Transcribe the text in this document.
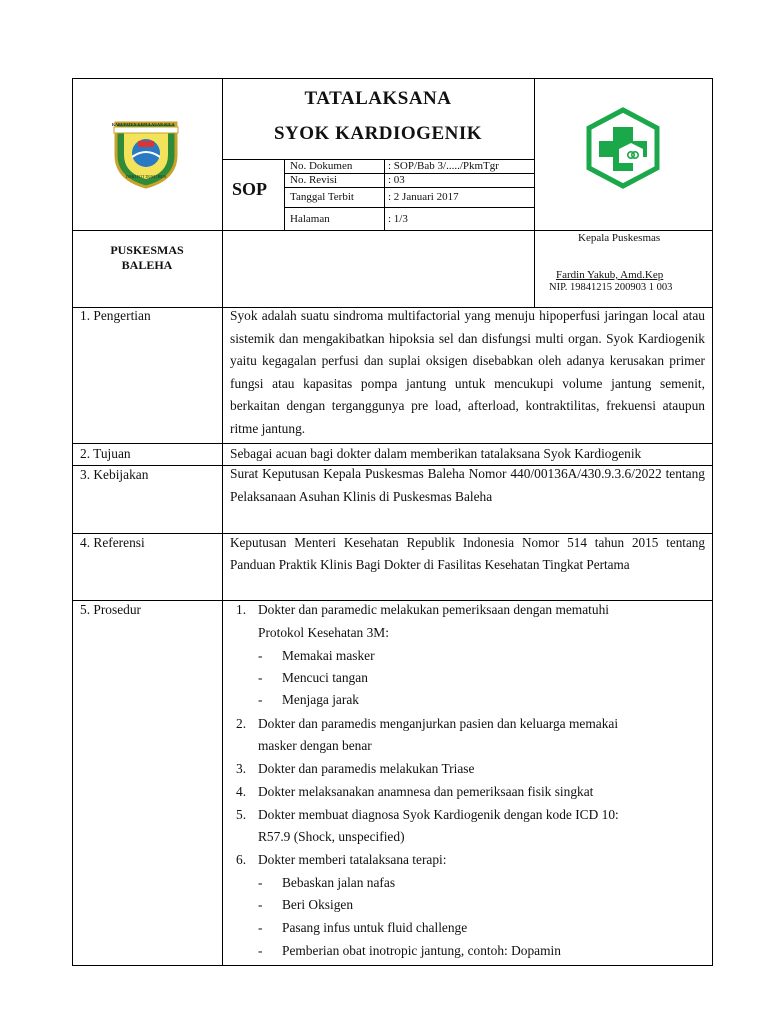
KABUPATEN KEPULAUAN SULA
DAKI FOT DUKU BUA
TATALAKSANA
SYOK KARDIOGENIK
SOP
No. Dokumen	: SOP/Bab 3/...../PkmTgr
No. Revisi	: 03
Tanggal Terbit	: 2 Januari 2017
Halaman	: 1/3
PUSKESMAS
BALEHA
Kepala Puskesmas
Fardin Yakub, Amd.Kep
NIP. 19841215 200903 1 003
1. Pengertian	Syok adalah suatu sindroma multifactorial yang menuju hipoperfusi jaringan local atau sistemik dan mengakibatkan hipoksia sel dan disfungsi multi organ. Syok Kardiogenik yaitu kegagalan perfusi dan suplai oksigen disebabkan oleh adanya kerusakan primer fungsi atau kapasitas pompa jantung untuk mencukupi volume jantung semenit, berkaitan dengan terganggunya pre load, afterload, kontraktilitas, frekuensi ataupun ritme jantung.
2. Tujuan	Sebagai acuan bagi dokter dalam memberikan tatalaksana Syok Kardiogenik
3. Kebijakan	Surat Keputusan Kepala Puskesmas Baleha Nomor 440/00136A/430.9.3.6/2022 tentang Pelaksanaan Asuhan Klinis di Puskesmas Baleha
4. Referensi	Keputusan Menteri Kesehatan Republik Indonesia Nomor 514 tahun 2015 tentang Panduan Praktik Klinis Bagi Dokter di Fasilitas Kesehatan Tingkat Pertama
5. Prosedur	1. Dokter dan paramedic melakukan pemeriksaan dengan mematuhi
Protokol Kesehatan 3M:
- Memakai masker
- Mencuci tangan
- Menjaga jarak
2. Dokter dan paramedis menganjurkan pasien dan keluarga memakai
masker dengan benar
3. Dokter dan paramedis melakukan Triase
4. Dokter melaksanakan anamnesa dan pemeriksaan fisik singkat
5. Dokter membuat diagnosa Syok Kardiogenik dengan kode ICD 10:
R57.9 (Shock, unspecified)
6. Dokter memberi tatalaksana terapi:
- Bebaskan jalan nafas
- Beri Oksigen
- Pasang infus untuk fluid challenge
- Pemberian obat inotropic jantung, contoh: Dopamin
